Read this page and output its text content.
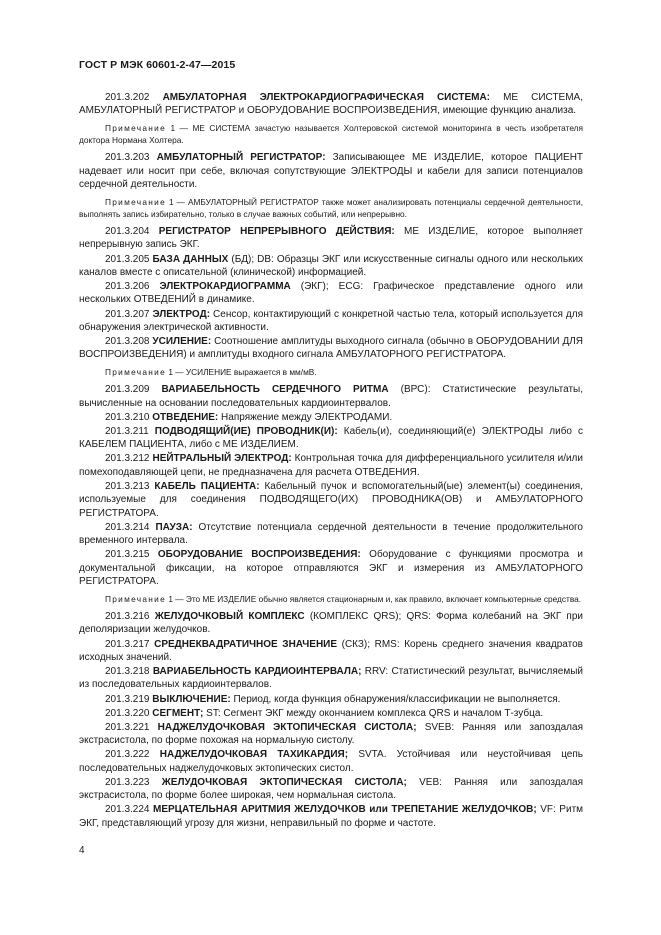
ГОСТ Р МЭК 60601-2-47—2015

201.3.202 АМБУЛАТОРНАЯ ЭЛЕКТРОКАРДИОГРАФИЧЕСКАЯ СИСТЕМА: МЕ СИСТЕМА, АМБУЛАТОРНЫЙ РЕГИСТРАТОР и ОБОРУДОВАНИЕ ВОСПРОИЗВЕДЕНИЯ, имеющие функцию анализа.

Примечание 1 — МЕ СИСТЕМА зачастую называется Холтеровской системой мониторинга в честь изобретателя доктора Нормана Холтера.

201.3.203 АМБУЛАТОРНЫЙ РЕГИСТРАТОР: Записывающее МЕ ИЗДЕЛИЕ, которое ПАЦИЕНТ надевает или носит при себе, включая сопутствующие ЭЛЕКТРОДЫ и кабели для записи потенциалов сердечной деятельности.

Примечание 1 — АМБУЛАТОРНЫЙ РЕГИСТРАТОР также может анализировать потенциалы сердечной деятельности, выполнять запись избирательно, только в случае важных событий, или непрерывно.

201.3.204 РЕГИСТРАТОР НЕПРЕРЫВНОГО ДЕЙСТВИЯ: МЕ ИЗДЕЛИЕ, которое выполняет непрерывную запись ЭКГ.

201.3.205 БАЗА ДАННЫХ (БД); DB: Образцы ЭКГ или искусственные сигналы одного или нескольких каналов вместе с описательной (клинической) информацией.

201.3.206 ЭЛЕКТРОКАРДИОГРАММА (ЭКГ); ECG: Графическое представление одного или нескольких ОТВЕДЕНИЙ в динамике.

201.3.207 ЭЛЕКТРОД: Сенсор, контактирующий с конкретной частью тела, который используется для обнаружения электрической активности.

201.3.208 УСИЛЕНИЕ: Соотношение амплитуды выходного сигнала (обычно в ОБОРУДОВАНИИ ДЛЯ ВОСПРОИЗВЕДЕНИЯ) и амплитуды входного сигнала АМБУЛАТОРНОГО РЕГИСТРАТОРА.

Примечание 1 — УСИЛЕНИЕ выражается в мм/мВ.

201.3.209 ВАРИАБЕЛЬНОСТЬ СЕРДЕЧНОГО РИТМА (ВРС): Статистические результаты, вычисленные на основании последовательных кардиоинтервалов.

201.3.210 ОТВЕДЕНИЕ: Напряжение между ЭЛЕКТРОДАМИ.

201.3.211 ПОДВОДЯЩИЙ(ИЕ) ПРОВОДНИК(И): Кабель(и), соединяющий(е) ЭЛЕКТРОДЫ либо с КАБЕЛЕМ ПАЦИЕНТА, либо с МЕ ИЗДЕЛИЕМ.

201.3.212 НЕЙТРАЛЬНЫЙ ЭЛЕКТРОД: Контрольная точка для дифференциального усилителя и/или помехоподавляющей цепи, не предназначена для расчета ОТВЕДЕНИЯ.

201.3.213 КАБЕЛЬ ПАЦИЕНТА: Кабельный пучок и вспомогательный(ые) элемент(ы) соединения, используемые для соединения ПОДВОДЯЩЕГО(ИХ) ПРОВОДНИКА(ОВ) и АМБУЛАТОРНОГО РЕГИСТРАТОРА.

201.3.214 ПАУЗА: Отсутствие потенциала сердечной деятельности в течение продолжительного временного интервала.

201.3.215 ОБОРУДОВАНИЕ ВОСПРОИЗВЕДЕНИЯ: Оборудование с функциями просмотра и документальной фиксации, на которое отправляются ЭКГ и измерения из АМБУЛАТОРНОГО РЕГИСТРАТОРА.

Примечание 1 — Это МЕ ИЗДЕЛИЕ обычно является стационарным и, как правило, включает компьютерные средства.

201.3.216 ЖЕЛУДОЧКОВЫЙ КОМПЛЕКС (КОМПЛЕКС QRS); QRS: Форма колебаний на ЭКГ при деполяризации желудочков.

201.3.217 СРЕДНЕКВАДРАТИЧНОЕ ЗНАЧЕНИЕ (СКЗ); RMS: Корень среднего значения квадратов исходных значений.

201.3.218 ВАРИАБЕЛЬНОСТЬ КАРДИОИНТЕРВАЛА; RRV: Статистический результат, вычисляемый из последовательных кардиоинтервалов.

201.3.219 ВЫКЛЮЧЕНИЕ: Период, когда функция обнаружения/классификации не выполняется.

201.3.220 СЕГМЕНТ; ST: Сегмент ЭКГ между окончанием комплекса QRS и началом Т-зубца.

201.3.221 НАДЖЕЛУДОЧКОВАЯ ЭКТОПИЧЕСКАЯ СИСТОЛА; SVEB: Ранняя или запоздалая экстрасистола, по форме похожая на нормальную систолу.

201.3.222 НАДЖЕЛУДОЧКОВАЯ ТАХИКАРДИЯ; SVTA. Устойчивая или неустойчивая цепь последовательных наджелудочковых эктопических систол.

201.3.223 ЖЕЛУДОЧКОВАЯ ЭКТОПИЧЕСКАЯ СИСТОЛА; VEB: Ранняя или запоздалая экстрасистола, по форме более широкая, чем нормальная систола.

201.3.224 МЕРЦАТЕЛЬНАЯ АРИТМИЯ ЖЕЛУДОЧКОВ или ТРЕПЕТАНИЕ ЖЕЛУДОЧКОВ; VF: Ритм ЭКГ, представляющий угрозу для жизни, неправильный по форме и частоте.

4
